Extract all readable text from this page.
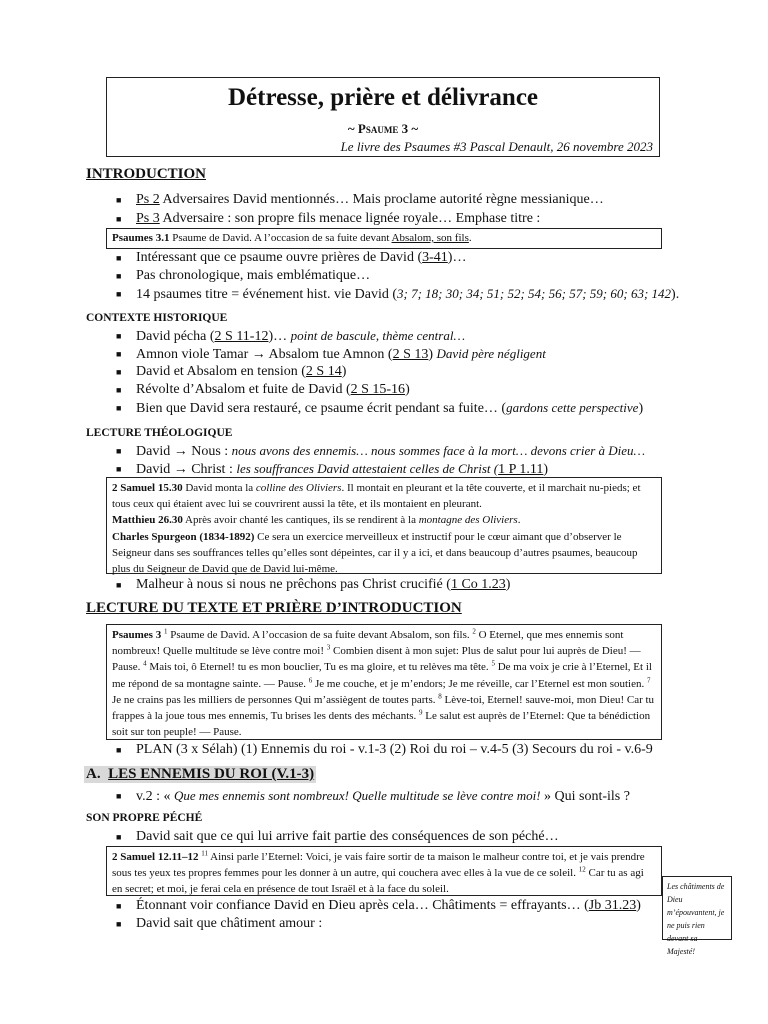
Détresse, prière et délivrance
~ Psaume 3 ~
Le livre des Psaumes #3 Pascal Denault, 26 novembre 2023
INTRODUCTION
■ Ps 2 Adversaires David mentionnés… Mais proclame autorité règne messianique…
■ Ps 3 Adversaire : son propre fils menace lignée royale… Emphase titre :
Psaumes 3.1 Psaume de David. A l’occasion de sa fuite devant Absalom, son fils.
■ Intéressant que ce psaume ouvre prières de David (3-41)…
■ Pas chronologique, mais emblématique…
■ 14 psaumes titre = événement hist. vie David (3; 7; 18; 30; 34; 51; 52; 54; 56; 57; 59; 60; 63; 142).
CONTEXTE HISTORIQUE
■ David pécha (2 S 11-12)… point de bascule, thème central…
■ Amnon viole Tamar → Absalom tue Amnon (2 S 13) David père négligent
■ David et Absalom en tension (2 S 14)
■ Révolte d’Absalom et fuite de David (2 S 15-16)
■ Bien que David sera restauré, ce psaume écrit pendant sa fuite… (gardons cette perspective)
LECTURE THÉOLOGIQUE
■ David → Nous : nous avons des ennemis… nous sommes face à la mort… devons crier à Dieu…
■ David → Christ : les souffrances David attestaient celles de Christ (1 P 1.11)

2 Samuel 15.30 David monta la colline des Oliviers. Il montait en pleurant et la tête couverte, et il marchait nu-pieds; et tous ceux qui étaient avec lui se couvrirent aussi la tête, et ils montaient en pleurant.

Matthieu 26.30 Après avoir chanté les cantiques, ils se rendirent à la montagne des Oliviers.

Charles Spurgeon (1834-1892) Ce sera un exercice merveilleux et instructif pour le cœur aimant que d’observer le Seigneur dans ses souffrances telles qu’elles sont dépeintes, car il y a ici, et dans beaucoup d’autres psaumes, beaucoup plus du Seigneur de David que de David lui-même.

■ Malheur à nous si nous ne prêchons pas Christ crucifié (1 Co 1.23)
LECTURE DU TEXTE ET PRIÈRE D’INTRODUCTION
Psaumes 3 $^1$ Psaume de David. A l’occasion de sa fuite devant Absalom, son fils. $^2$ O Eternel, que mes ennemis sont nombreux! Quelle multitude se lève contre moi! $^3$ Combien disent à mon sujet: Plus de salut pour lui auprès de Dieu! — Pause. $^4$ Mais toi, ô Eternel! tu es mon bouclier, Tu es ma gloire, et tu relèves ma tête. $^5$ De ma voix je crie à l’Eternel, Et il me répond de sa montagne sainte. — Pause. $^6$ Je me couche, et je m’endors; Je me réveille, car l’Eternel est mon soutien. $^7$ Je ne crains pas les milliers de personnes Qui m’assiègent de toutes parts. $^8$ Lève-toi, Eternel! sauve-moi, mon Dieu! Car tu frappes à la joue tous mes ennemis, Tu brises les dents des méchants. $^9$ Le salut est auprès de l’Eternel: Que ta bénédiction soit sur ton peuple! — Pause.
■ PLAN (3 x Sélah) (1) Ennemis du roi - v.1-3 (2) Roi du roi – v.4-5 (3) Secours du roi - v.6-9
A. LES ENNEMIS DU ROI (V.1-3)
■ v.2 : « Que mes ennemis sont nombreux! Quelle multitude se lève contre moi! » Qui sont-ils ?
SON PROPRE PÉCHÉ
■ David sait que ce qui lui arrive fait partie des conséquences de son péché…
2 Samuel 12.11–12 $^{11}$ Ainsi parle l’Eternel: Voici, je vais faire sortir de ta maison le malheur contre toi, et je vais prendre sous tes yeux tes propres femmes pour les donner à un autre, qui couchera avec elles à la vue de ce soleil. $^{12}$ Car tu as agi en secret; et moi, je ferai cela en présence de tout Israël et à la face du soleil.
■ Étonnant voir confiance David en Dieu après cela… Châtiments = effrayants… (Jb 31.23)
■ David sait que châtiment amour :
Les châtiments de Dieu m’épouvantent, je ne puis rien devant sa Majesté!
